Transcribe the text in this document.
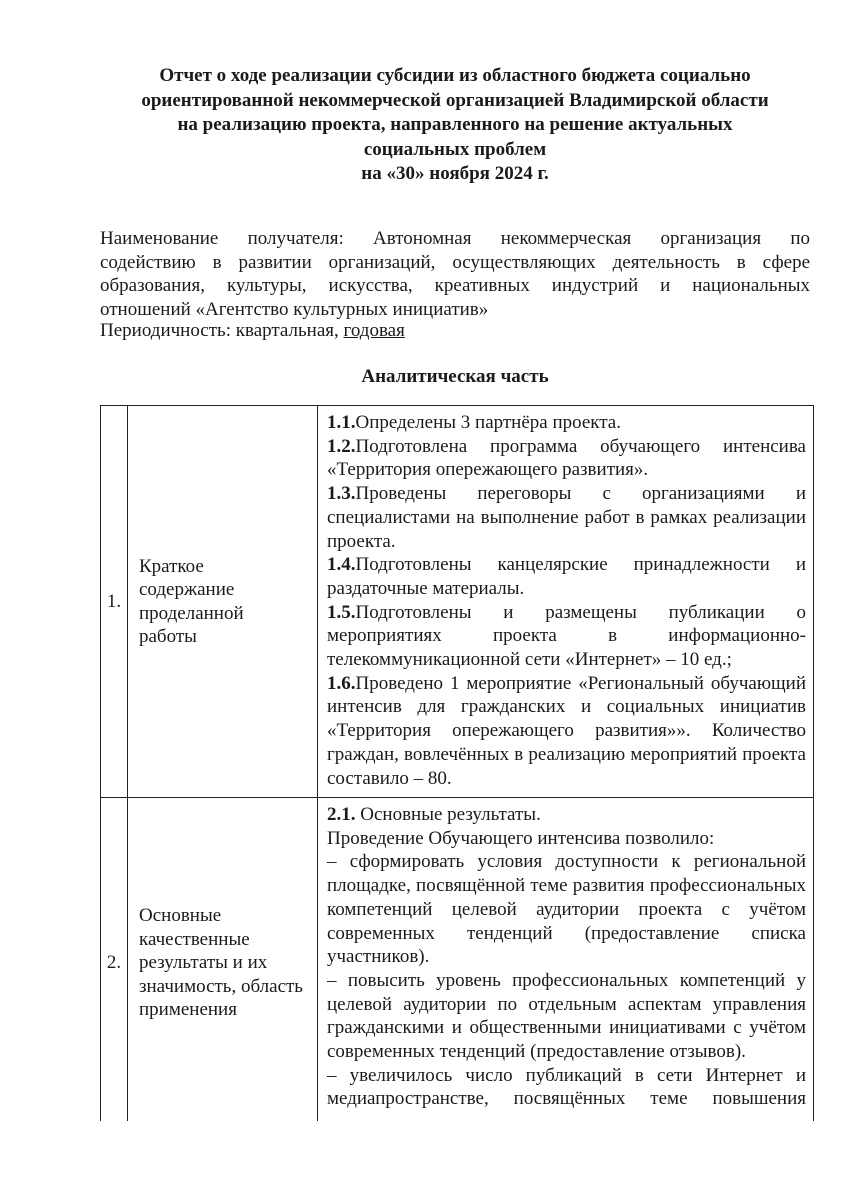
Отчет о ходе реализации субсидии из областного бюджета социально
ориентированной некоммерческой организацией Владимирской области
на реализацию проекта, направленного на решение актуальных
социальных проблем
на «30» ноября 2024 г.
Наименование получателя: Автономная некоммерческая организация по
содействию в развитии организаций, осуществляющих деятельность в сфере
образования, культуры, искусства, креативных индустрий и национальных
отношений «Агентство культурных инициатив»
Периодичность: квартальная, годовая
Аналитическая часть
1.
Краткое
содержание
проделанной
работы

1.1.Определены 3 партнёра проекта.

1.2.Подготовлена программа обучающего интенсива «Территория опережающего развития».

1.3.Проведены переговоры с организациями и специалистами на выполнение работ в рамках реализации проекта.

1.4.Подготовлены канцелярские принадлежности и раздаточные материалы.

1.5.Подготовлены и размещены публикации о мероприятиях проекта в информационно-телекоммуникационной сети «Интернет» – 10 ед.;

1.6.Проведено 1 мероприятие «Региональный обучающий интенсив для гражданских и социальных инициатив «Территория опережающего развития»». Количество граждан, вовлечённых в реализацию мероприятий проекта составило – 80.

2.
Основные
качественные
результаты и их
значимость, область
применения

2.1. Основные результаты.

Проведение Обучающего интенсива позволило:

– сформировать условия доступности к региональной площадке, посвящённой теме развития профессиональных компетенций целевой аудитории проекта с учётом современных тенденций (предоставление списка участников).

– повысить уровень профессиональных компетенций у целевой аудитории по отдельным аспектам управления гражданскими и общественными инициативами с учётом современных тенденций (предоставление отзывов).

– увеличилось число публикаций в сети Интернет и медиапространстве, посвящённых теме повышения
